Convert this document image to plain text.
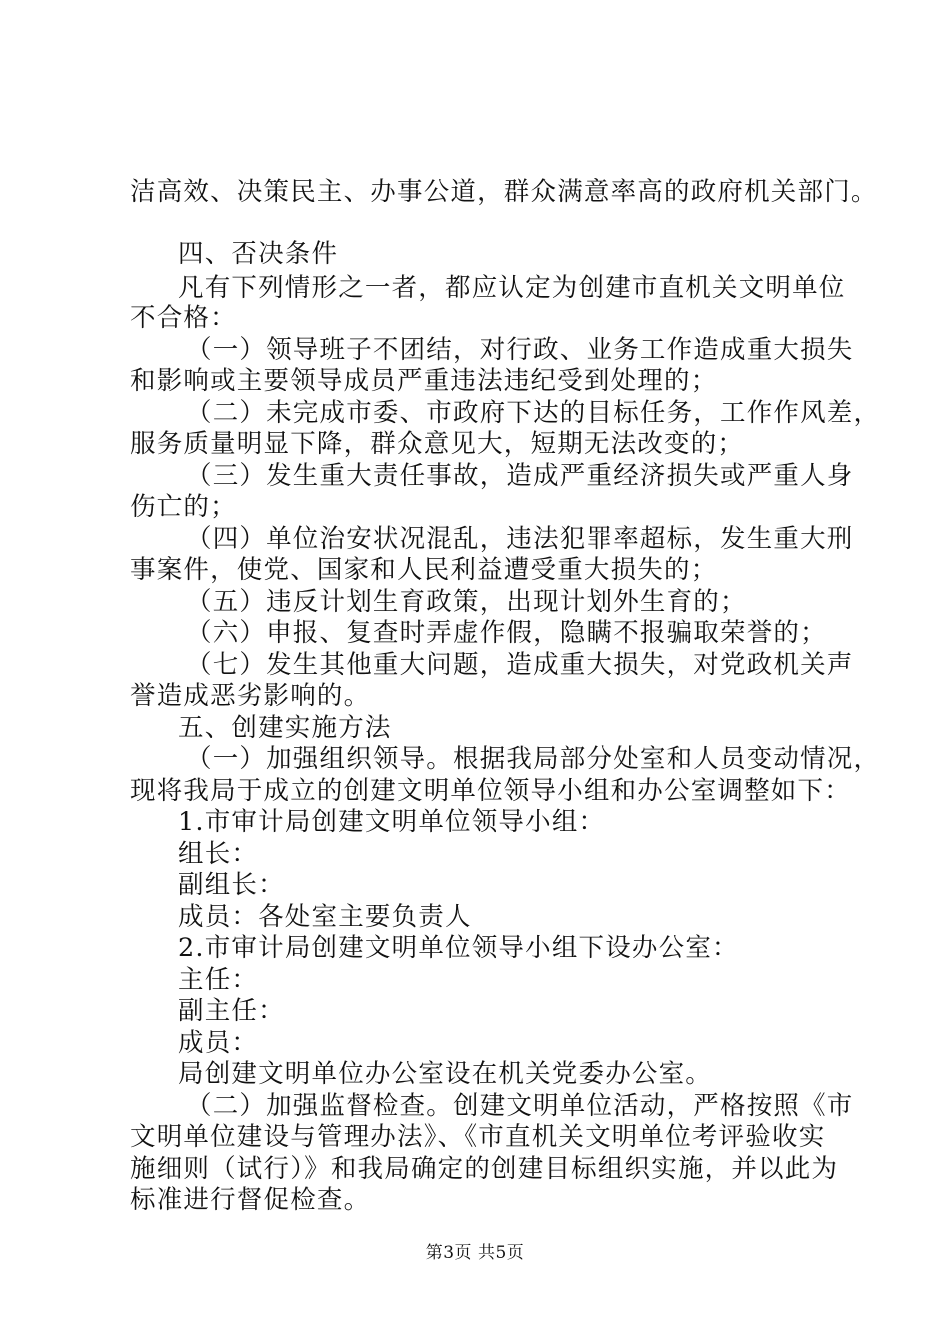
洁高效、决策民主、办事公道，群众满意率高的政府机关部门。
四、否决条件
凡有下列情形之一者，都应认定为创建市直机关文明单位
不合格：
（一）领导班子不团结，对行政、业务工作造成重大损失
和影响或主要领导成员严重违法违纪受到处理的；
（二）未完成市委、市政府下达的目标任务，工作作风差，
服务质量明显下降，群众意见大，短期无法改变的；
（三）发生重大责任事故，造成严重经济损失或严重人身
伤亡的；
（四）单位治安状况混乱，违法犯罪率超标，发生重大刑
事案件，使党、国家和人民利益遭受重大损失的；
（五）违反计划生育政策，出现计划外生育的；
（六）申报、复查时弄虚作假，隐瞒不报骗取荣誉的；
（七）发生其他重大问题，造成重大损失，对党政机关声
誉造成恶劣影响的。
五、创建实施方法
（一）加强组织领导。根据我局部分处室和人员变动情况，
现将我局于成立的创建文明单位领导小组和办公室调整如下：
1.市审计局创建文明单位领导小组：
组长：
副组长：
成员：各处室主要负责人
2.市审计局创建文明单位领导小组下设办公室：
主任：
副主任：
成员：
局创建文明单位办公室设在机关党委办公室。
（二）加强监督检查。创建文明单位活动，严格按照《市
文明单位建设与管理办法》、《市直机关文明单位考评验收实
施细则（试行）》和我局确定的创建目标组织实施，并以此为
标准进行督促检查。
第3页 共5页
